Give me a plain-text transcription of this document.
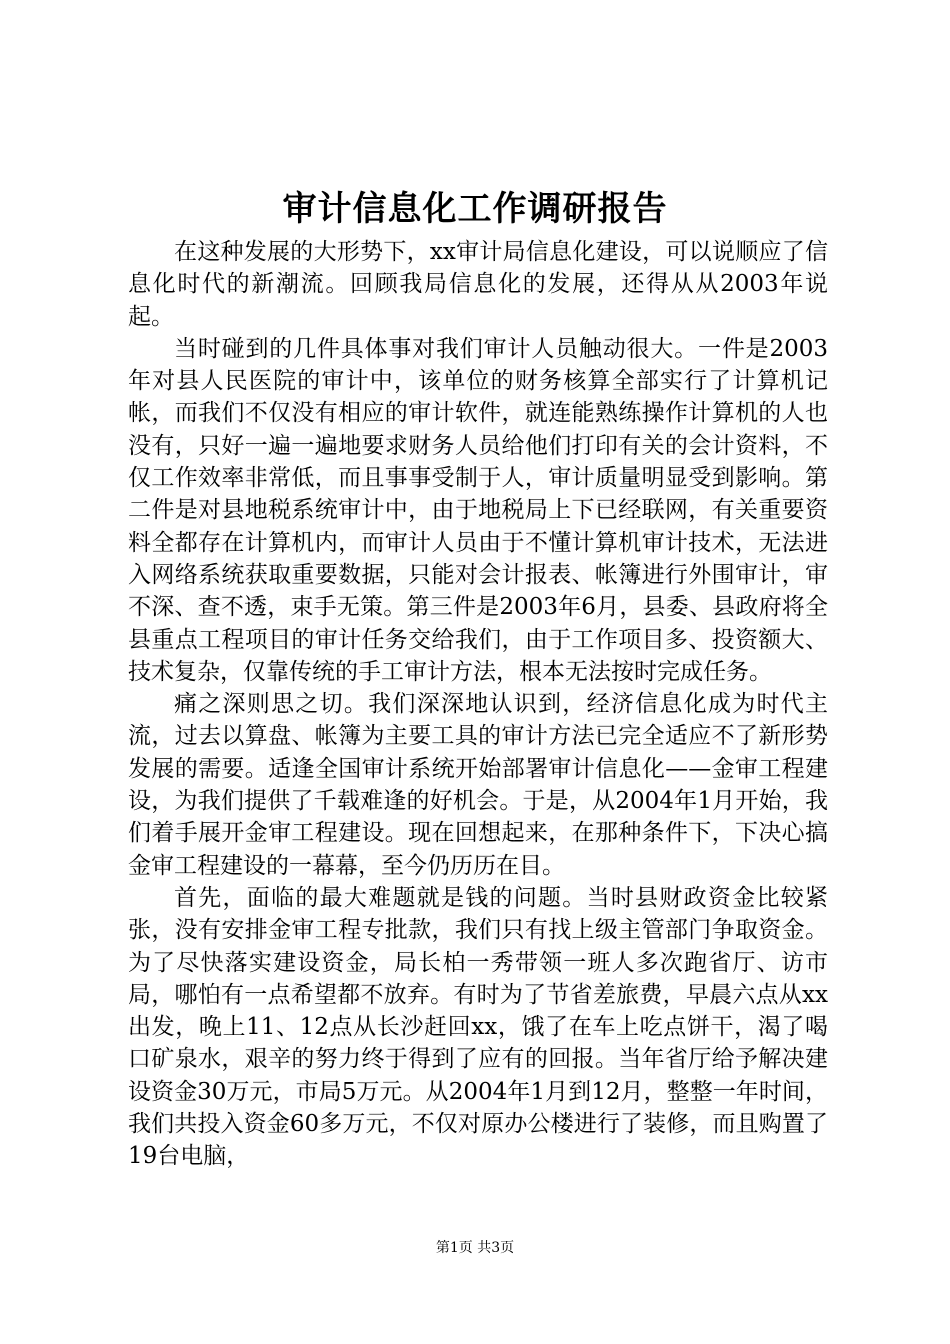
审计信息化工作调研报告

在这种发展的大形势下，xx审计局信息化建设，可以说顺应了信息化时代的新潮流。回顾我局信息化的发展，还得从从2003年说起。

当时碰到的几件具体事对我们审计人员触动很大。一件是2003年对县人民医院的审计中，该单位的财务核算全部实行了计算机记帐，而我们不仅没有相应的审计软件，就连能熟练操作计算机的人也没有，只好一遍一遍地要求财务人员给他们打印有关的会计资料，不仅工作效率非常低，而且事事受制于人，审计质量明显受到影响。第二件是对县地税系统审计中，由于地税局上下已经联网，有关重要资料全都存在计算机内，而审计人员由于不懂计算机审计技术，无法进入网络系统获取重要数据，只能对会计报表、帐簿进行外围审计，审不深、查不透，束手无策。第三件是2003年6月，县委、县政府将全县重点工程项目的审计任务交给我们，由于工作项目多、投资额大、技术复杂，仅靠传统的手工审计方法，根本无法按时完成任务。

痛之深则思之切。我们深深地认识到，经济信息化成为时代主流，过去以算盘、帐簿为主要工具的审计方法已完全适应不了新形势发展的需要。适逢全国审计系统开始部署审计信息化——金审工程建设，为我们提供了千载难逢的好机会。于是，从2004年1月开始，我们着手展开金审工程建设。现在回想起来，在那种条件下，下决心搞金审工程建设的一幕幕，至今仍历历在目。

首先，面临的最大难题就是钱的问题。当时县财政资金比较紧张，没有安排金审工程专批款，我们只有找上级主管部门争取资金。为了尽快落实建设资金，局长柏一秀带领一班人多次跑省厅、访市局，哪怕有一点希望都不放弃。有时为了节省差旅费，早晨六点从xx出发，晚上11、12点从长沙赶回xx，饿了在车上吃点饼干，渴了喝口矿泉水，艰辛的努力终于得到了应有的回报。当年省厅给予解决建设资金30万元，市局5万元。从2004年1月到12月，整整一年时间，我们共投入资金60多万元，不仅对原办公楼进行了装修，而且购置了19台电脑，

第1页 共3页
